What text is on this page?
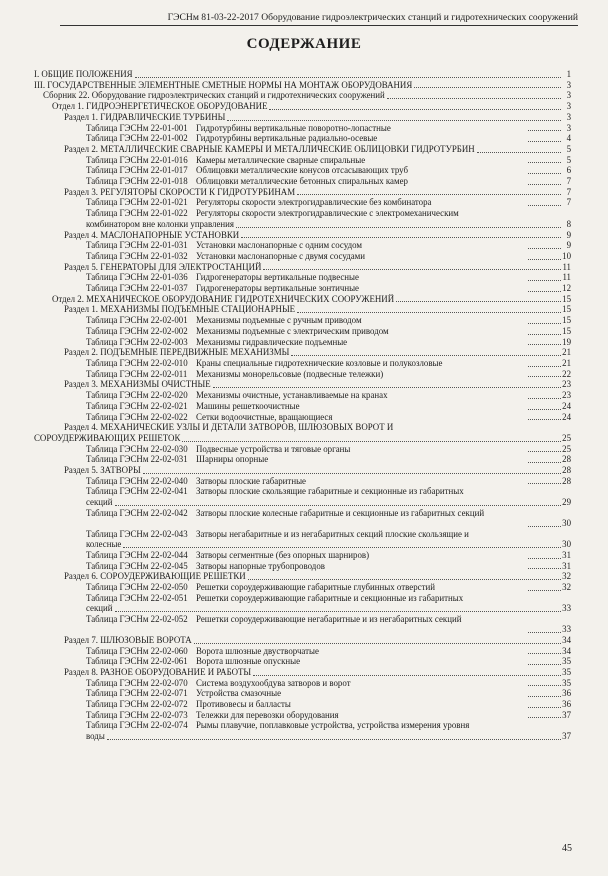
ГЭСНм 81-03-22-2017 Оборудование гидроэлектрических станций и гидротехнических сооружений
СОДЕРЖАНИЕ
I. ОБЩИЕ ПОЛОЖЕНИЯ	1
III. ГОСУДАРСТВЕННЫЕ ЭЛЕМЕНТНЫЕ СМЕТНЫЕ НОРМЫ НА МОНТАЖ ОБОРУДОВАНИЯ	3
Сборник 22. Оборудование гидроэлектрических станций и гидротехнических сооружений	3
Отдел 1. ГИДРОЭНЕРГЕТИЧЕСКОЕ ОБОРУДОВАНИЕ	3
Раздел 1. ГИДРАВЛИЧЕСКИЕ ТУРБИНЫ	3
Таблица ГЭСНм 22-01-001 Гидротурбины вертикальные поворотно-лопастные	3
Таблица ГЭСНм 22-01-002 Гидротурбины вертикальные радиально-осевые	4
Раздел 2. МЕТАЛЛИЧЕСКИЕ СВАРНЫЕ КАМЕРЫ И МЕТАЛЛИЧЕСКИЕ ОБЛИЦОВКИ ГИДРОТУРБИН	5
Таблица ГЭСНм 22-01-016 Камеры металлические сварные спиральные	5
Таблица ГЭСНм 22-01-017 Облицовки металлические конусов отсасывающих труб	6
Таблица ГЭСНм 22-01-018 Облицовки металлические бетонных спиральных камер	7
Раздел 3. РЕГУЛЯТОРЫ СКОРОСТИ К ГИДРОТУРБИНАМ	7
Таблица ГЭСНм 22-01-021 Регуляторы скорости электрогидравлические без комбинатора	7
Таблица ГЭСНм 22-01-022 Регуляторы скорости электрогидравлические с электромеханическим
комбинатором вне колонки управления	8
Раздел 4. МАСЛОНАПОРНЫЕ УСТАНОВКИ	9
Таблица ГЭСНм 22-01-031 Установки маслонапорные с одним сосудом	9
Таблица ГЭСНм 22-01-032 Установки маслонапорные с двумя сосудами	10
Раздел 5. ГЕНЕРАТОРЫ ДЛЯ ЭЛЕКТРОСТАНЦИЙ	11
Таблица ГЭСНм 22-01-036 Гидрогенераторы вертикальные подвесные	11
Таблица ГЭСНм 22-01-037 Гидрогенераторы вертикальные зонтичные	12
Отдел 2. МЕХАНИЧЕСКОЕ ОБОРУДОВАНИЕ ГИДРОТЕХНИЧЕСКИХ СООРУЖЕНИЙ	15
Раздел 1. МЕХАНИЗМЫ ПОДЪЕМНЫЕ СТАЦИОНАРНЫЕ	15
Таблица ГЭСНм 22-02-001 Механизмы подъемные с ручным приводом	15
Таблица ГЭСНм 22-02-002 Механизмы подъемные с электрическим приводом	15
Таблица ГЭСНм 22-02-003 Механизмы гидравлические подъемные	19
Раздел 2. ПОДЪЕМНЫЕ ПЕРЕДВИЖНЫЕ МЕХАНИЗМЫ	21
Таблица ГЭСНм 22-02-010 Краны специальные гидротехнические козловые и полукозловые	21
Таблица ГЭСНм 22-02-011 Механизмы монорельсовые (подвесные тележки)	22
Раздел 3. МЕХАНИЗМЫ ОЧИСТНЫЕ	23
Таблица ГЭСНм 22-02-020 Механизмы очистные, устанавливаемые на кранах	23
Таблица ГЭСНм 22-02-021 Машины решеткоочистные	24
Таблица ГЭСНм 22-02-022 Сетки водоочистные, вращающиеся	24
Раздел 4. МЕХАНИЧЕСКИЕ УЗЛЫ И ДЕТАЛИ ЗАТВОРОВ, ШЛЮЗОВЫХ ВОРОТ И
СОРОУДЕРЖИВАЮЩИХ РЕШЕТОК	25
Таблица ГЭСНм 22-02-030 Подвесные устройства и тяговые органы	25
Таблица ГЭСНм 22-02-031 Шарниры опорные	28
Раздел 5. ЗАТВОРЫ	28
Таблица ГЭСНм 22-02-040 Затворы плоские габаритные	28
Таблица ГЭСНм 22-02-041 Затворы плоские скользящие габаритные и секционные из габаритных
секций	29
Таблица ГЭСНм 22-02-042 Затворы плоские колесные габаритные и секционные из габаритных секций
30
Таблица ГЭСНм 22-02-043 Затворы негабаритные и из негабаритных секций плоские скользящие и
колесные	30
Таблица ГЭСНм 22-02-044 Затворы сегментные (без опорных шарниров)	31
Таблица ГЭСНм 22-02-045 Затворы напорные трубопроводов	31
Раздел 6. СОРОУДЕРЖИВАЮЩИЕ РЕШЕТКИ	32
Таблица ГЭСНм 22-02-050 Решетки сороудерживающие габаритные глубинных отверстий	32
Таблица ГЭСНм 22-02-051 Решетки сороудерживающие габаритные и секционные из габаритных
секций	33
Таблица ГЭСНм 22-02-052 Решетки сороудерживающие негабаритные и из негабаритных секций
33
Раздел 7. ШЛЮЗОВЫЕ ВОРОТА	34
Таблица ГЭСНм 22-02-060 Ворота шлюзные двустворчатые	34
Таблица ГЭСНм 22-02-061 Ворота шлюзные опускные	35
Раздел 8. РАЗНОЕ ОБОРУДОВАНИЕ И РАБОТЫ	35
Таблица ГЭСНм 22-02-070 Система воздухообдува затворов и ворот	35
Таблица ГЭСНм 22-02-071 Устройства смазочные	36
Таблица ГЭСНм 22-02-072 Противовесы и балласты	36
Таблица ГЭСНм 22-02-073 Тележки для перевозки оборудования	37
Таблица ГЭСНм 22-02-074 Рымы плавучие, поплавковые устройства, устройства измерения уровня
воды	37
45
